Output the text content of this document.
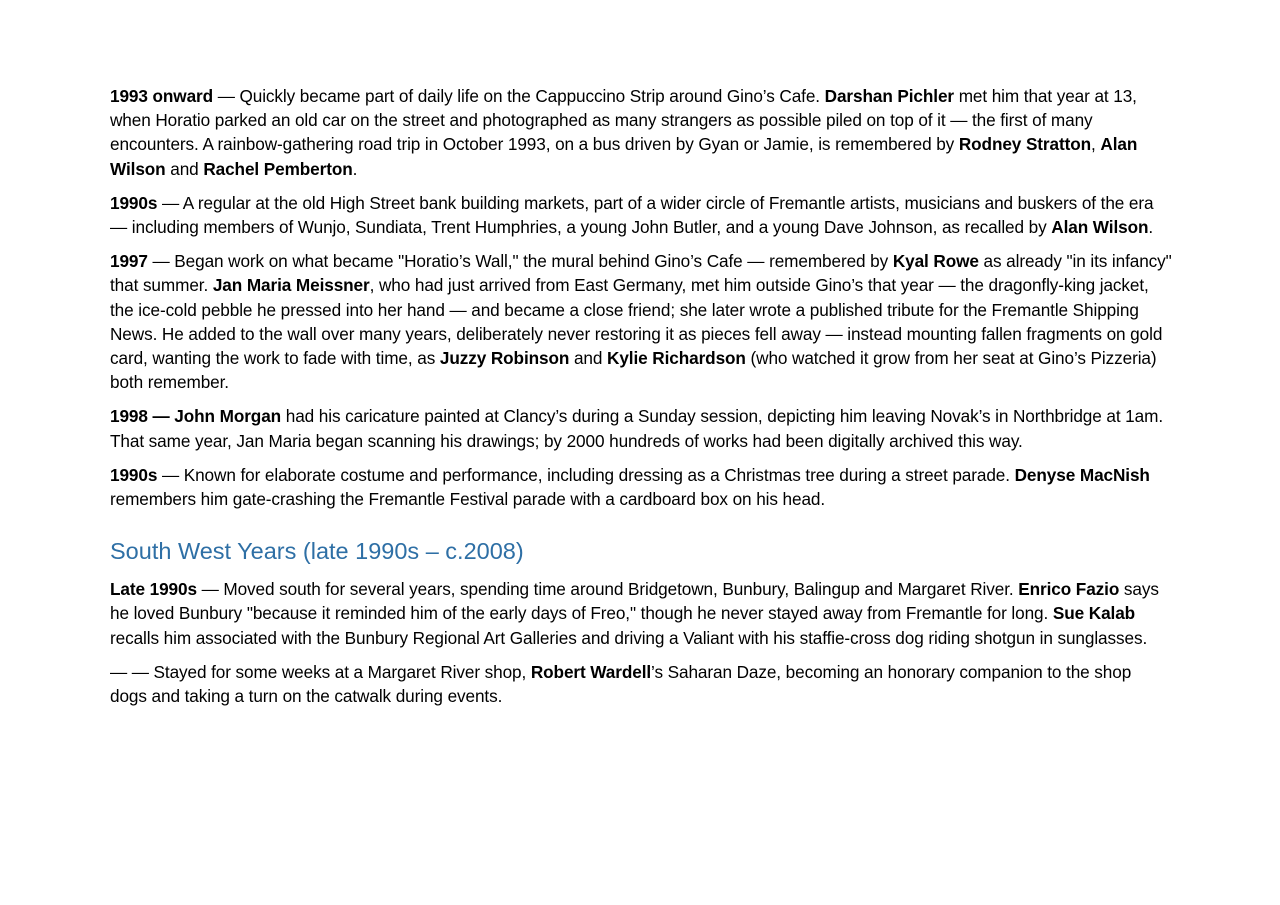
1993 onward — Quickly became part of daily life on the Cappuccino Strip around Gino’s Cafe. Darshan Pichler met him that year at 13, when Horatio parked an old car on the street and photographed as many strangers as possible piled on top of it — the first of many encounters. A rainbow-gathering road trip in October 1993, on a bus driven by Gyan or Jamie, is remembered by Rodney Stratton, Alan Wilson and Rachel Pemberton.

1990s — A regular at the old High Street bank building markets, part of a wider circle of Fremantle artists, musicians and buskers of the era — including members of Wunjo, Sundiata, Trent Humphries, a young John Butler, and a young Dave Johnson, as recalled by Alan Wilson.

1997 — Began work on what became "Horatio’s Wall," the mural behind Gino’s Cafe — remembered by Kyal Rowe as already "in its infancy" that summer. Jan Maria Meissner, who had just arrived from East Germany, met him outside Gino’s that year — the dragonfly-king jacket, the ice-cold pebble he pressed into her hand — and became a close friend; she later wrote a published tribute for the Fremantle Shipping News. He added to the wall over many years, deliberately never restoring it as pieces fell away — instead mounting fallen fragments on gold card, wanting the work to fade with time, as Juzzy Robinson and Kylie Richardson (who watched it grow from her seat at Gino’s Pizzeria) both remember.

1998 — John Morgan had his caricature painted at Clancy’s during a Sunday session, depicting him leaving Novak’s in Northbridge at 1am. That same year, Jan Maria began scanning his drawings; by 2000 hundreds of works had been digitally archived this way.

1990s — Known for elaborate costume and performance, including dressing as a Christmas tree during a street parade. Denyse MacNish remembers him gate-crashing the Fremantle Festival parade with a cardboard box on his head.

South West Years (late 1990s – c.2008)

Late 1990s — Moved south for several years, spending time around Bridgetown, Bunbury, Balingup and Margaret River. Enrico Fazio says he loved Bunbury "because it reminded him of the early days of Freo," though he never stayed away from Fremantle for long. Sue Kalab recalls him associated with the Bunbury Regional Art Galleries and driving a Valiant with his staffie-cross dog riding shotgun in sunglasses.

— — Stayed for some weeks at a Margaret River shop, Robert Wardell’s Saharan Daze, becoming an honorary companion to the shop dogs and taking a turn on the catwalk during events.
